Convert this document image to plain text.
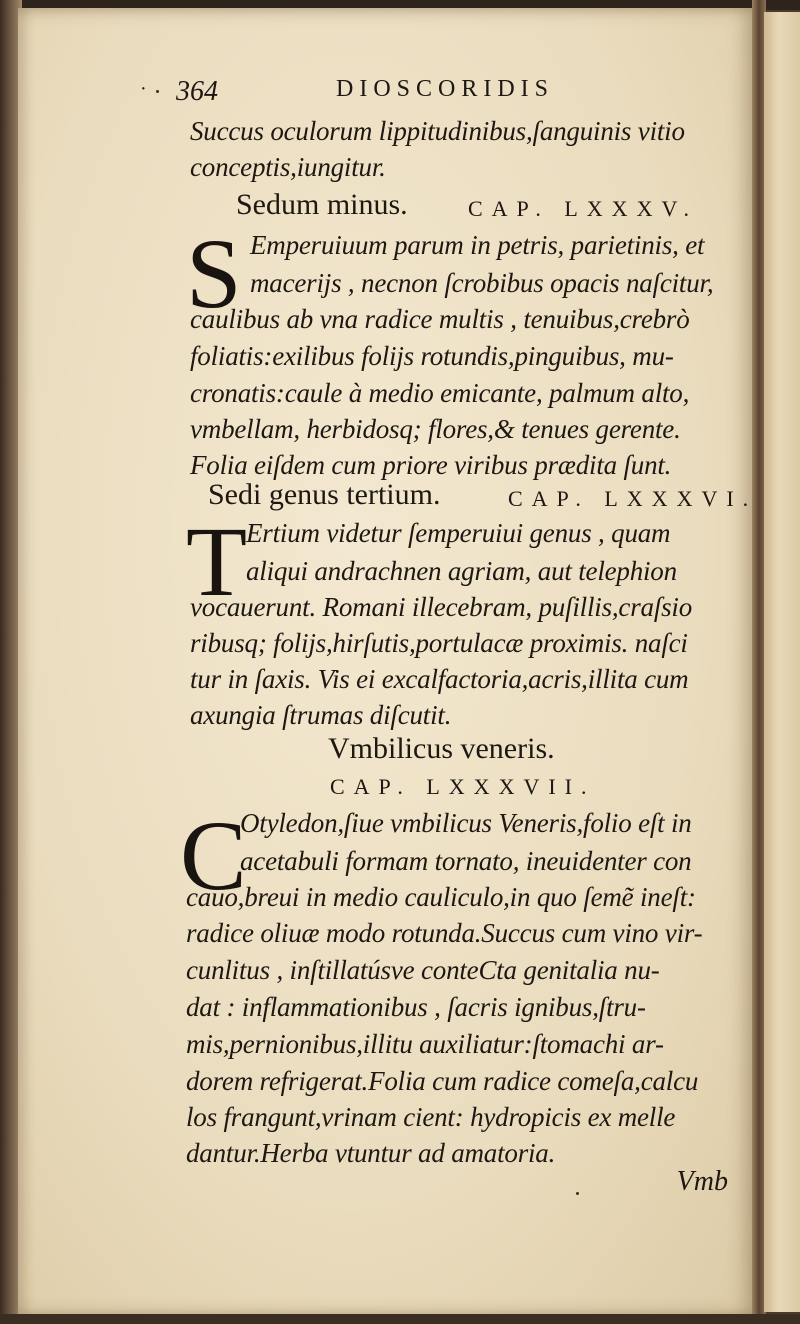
· 364	DIOSCORIDIS
Succus oculorum lippitudinibus,ſanguinis vitio
conceptis,iungitur.
Sedum minus.	CAP. LXXXV.
S Emperuiuum parum in petris, parietinis, et
maceriјs , necnon ſcrobibus opacis naſcitur,
caulibus ab vna radice multis , tenuibus,crebrò
foliatis:exilibus folijs rotundis,pinguibus, mu-
cronatis:caule à medio emicante, palmum alto,
vmbellam, herbidosq; flores,& tenues gerente.
Folia eiſdem cum priore viribus prædita ſunt.
Sedi genus tertium.	CAP. LXXXVI.
T
Ertium videtur ſemperuiui genus , quam
aliqui andrachnen agriam, aut telephion
vocauerunt. Romani illecebram, puſillis,craſsio
ribusq; folijs,hirſutis,portulacæ proximis. naſci
tur in ſaxis. Vis ei excalfactoria,acris,illita cum
axungia ſtrumas diſcutit.
Vmbilicus veneris.
CAP. LXXXVII.
C
Otyledon,ſiue vmbilicus Veneris,folio eſt in
acetabuli formam tornato, ineuidenter con
cauo,breui in medio cauliculo,in quo ſemẽ ineſt:
radice oliuæ modo rotunda.Succus cum vino vir-
cunlitus , inſtillatúsve conteCta genitalia nu-
dat : inflammationibus , ſacris ignibus,ſtru-
mis,pernionibus,illitu auxiliatur:ſtomachi ar-
dorem refrigerat.Folia cum radice comeſa,calcu
los frangunt,vrinam cient: hydropicis ex melle
dantur.Herba vtuntur ad amatoria.
Vmb
